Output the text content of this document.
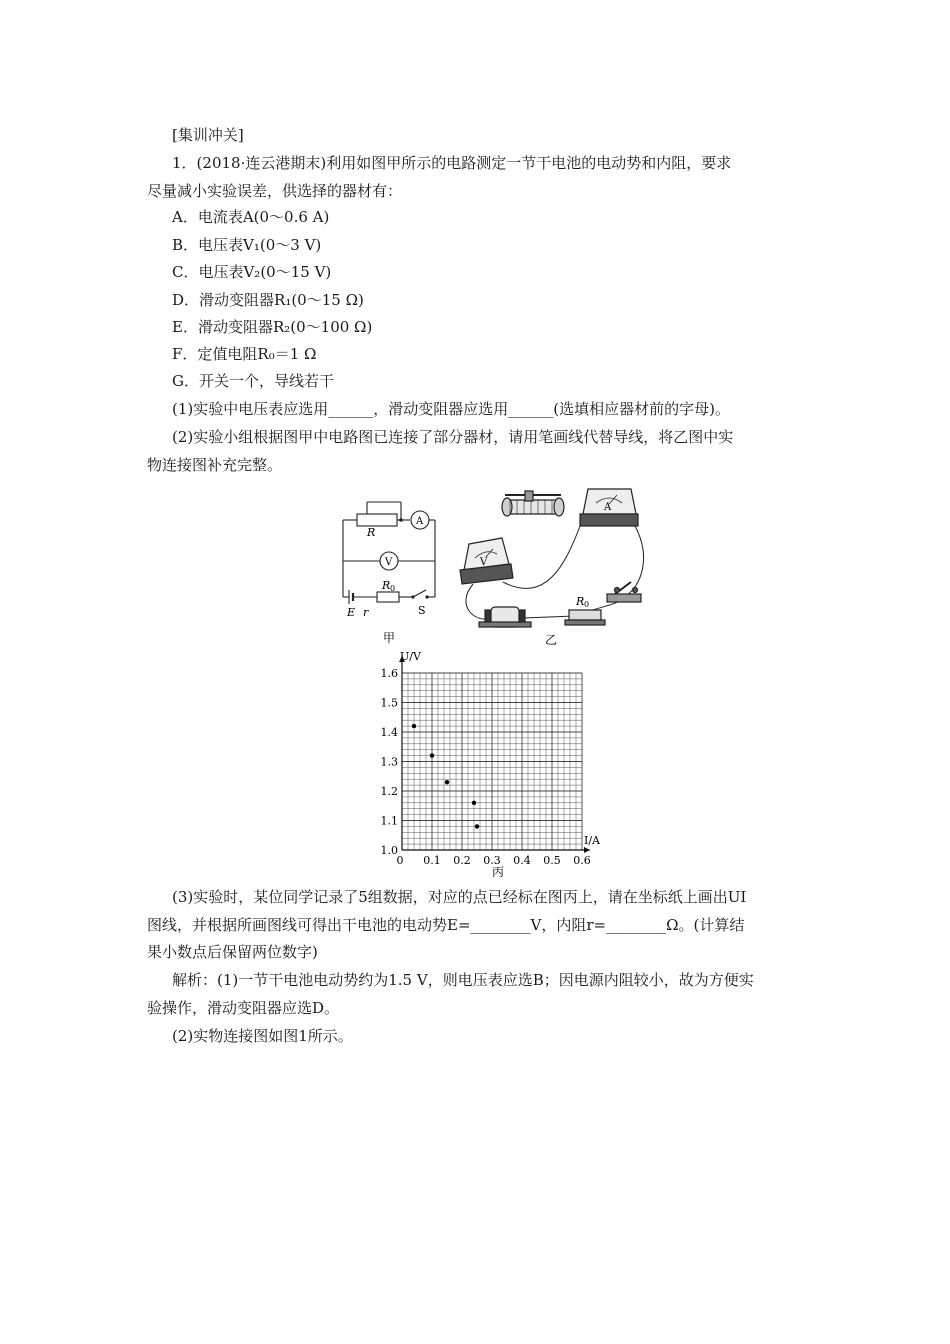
[集训冲关]
1．(2018·连云港期末)利用如图甲所示的电路测定一节干电池的电动势和内阻，要求
尽量减小实验误差，供选择的器材有：
A．电流表A(0～0.6 A)
B．电压表V₁(0～3 V)
C．电压表V₂(0～15 V)
D．滑动变阻器R₁(0～15 Ω)
E．滑动变阻器R₂(0～100 Ω)
F．定值电阻R₀＝1 Ω
G．开关一个，导线若干
(1)实验中电压表应选用______，滑动变阻器应选用______(选填相应器材前的字母)。
(2)实验小组根据图甲中电路图已连接了部分器材，请用笔画线代替导线，将乙图中实
物连接图补充完整。
R
A
V
R 0
E r	S
甲
A
V
R 0
乙
1.0
1.1
1.2
1.3
1.4
1.5
1.6
0 0.1 0.2 0.3 0.4 0.5 0.6
U/V
I/A
丙
(3)实验时，某位同学记录了5组数据，对应的点已经标在图丙上，请在坐标纸上画出UI
图线，并根据所画图线可得出干电池的电动势E=________V，内阻r=________Ω。(计算结
果小数点后保留两位数字)
解析：(1)一节干电池电动势约为1.5 V，则电压表应选B；因电源内阻较小，故为方便实
验操作，滑动变阻器应选D。
(2)实物连接图如图1所示。
